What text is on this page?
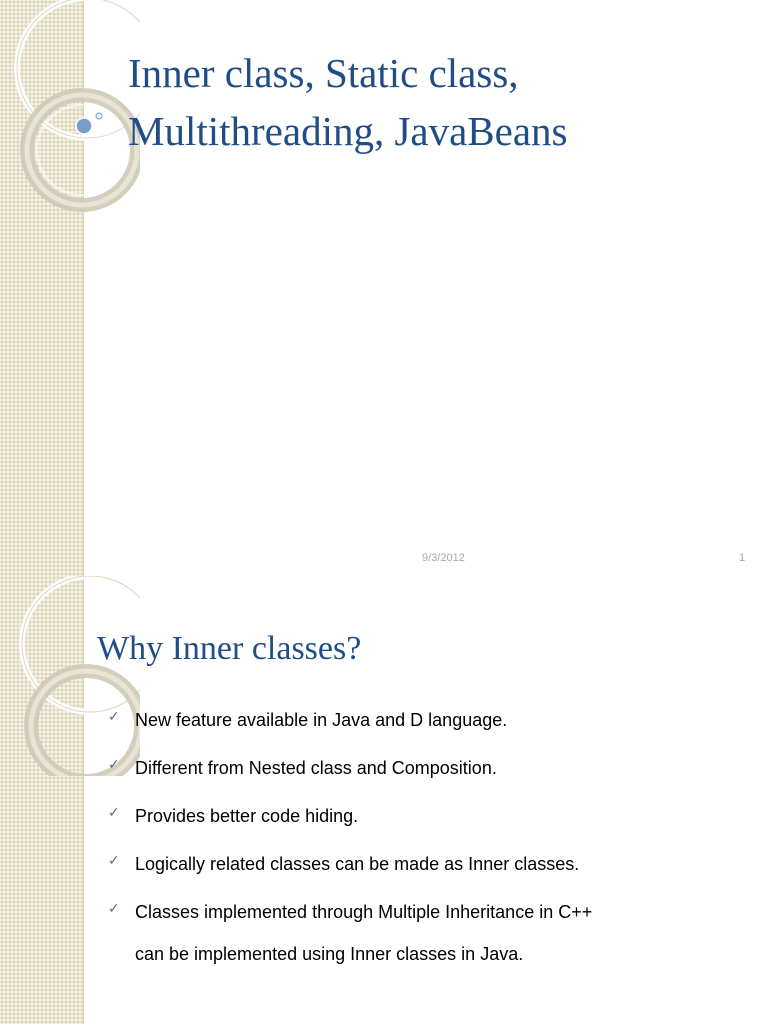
Inner class, Static class,
Multithreading, JavaBeans
9/3/2012	1
Why Inner classes?
✓ New feature available in Java and D language.
✓ Different from Nested class and Composition.
✓ Provides better code hiding.
✓ Logically related classes can be made as Inner classes.
✓ Classes implemented through Multiple Inheritance in C++
can be implemented using Inner classes in Java.
